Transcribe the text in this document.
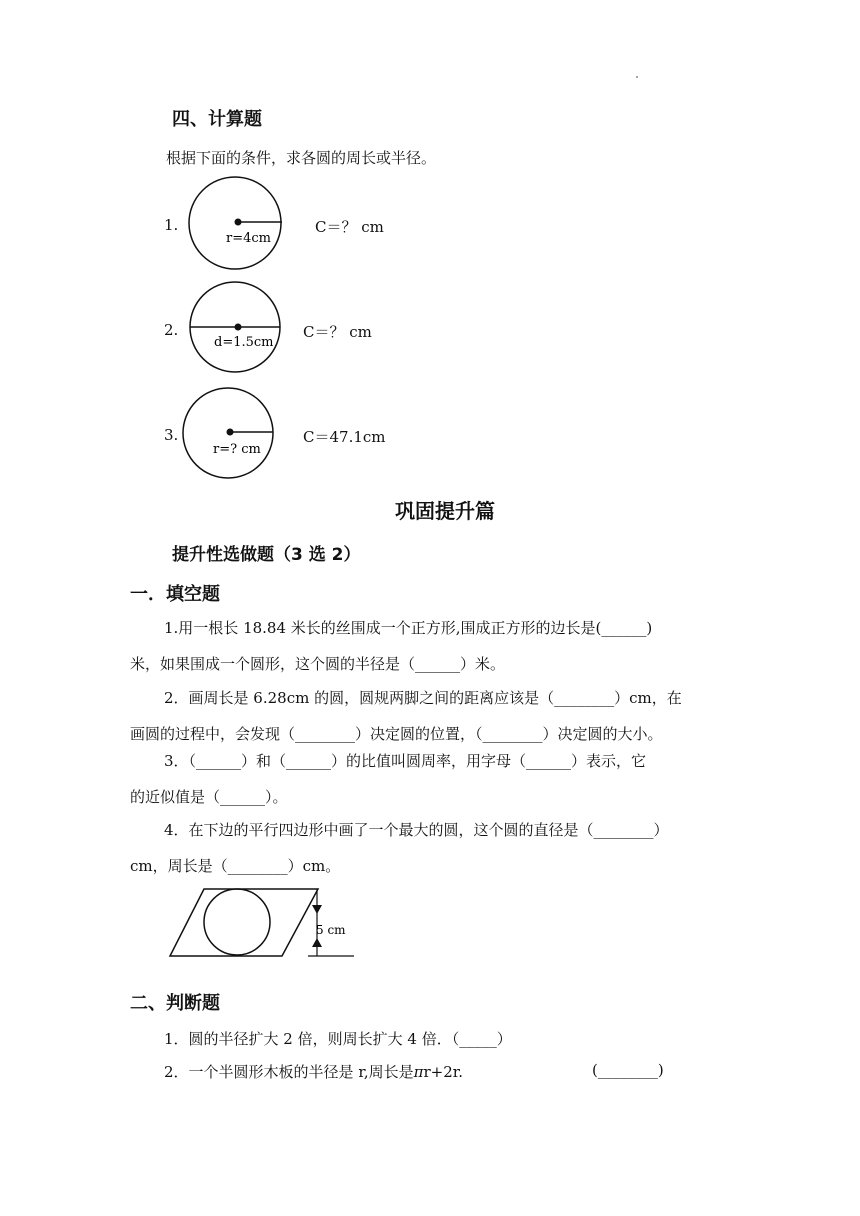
四、计算题
根据下面的条件，求各圆的周长或半径。
1.
r=4cm
C＝？ cm
2.
d=1.5cm
C＝？ cm
3.
r=? cm
C＝47.1cm
巩固提升篇
提升性选做题（3 选 2）
一．填空题
1.用一根长 18.84 米长的丝围成一个正方形,围成正方形的边长是(______)
米，如果围成一个圆形，这个圆的半径是（______）米。
2．画周长是 6.28cm 的圆，圆规两脚之间的距离应该是（________）cm，在
画圆的过程中，会发现（________）决定圆的位置，（________）决定圆的大小。
3．（______）和（______）的比值叫圆周率，用字母（______）表示，它
的近似值是（______）。
4．在下边的平行四边形中画了一个最大的圆，这个圆的直径是（________）
cm，周长是（________）cm。
5 cm
二、判断题
1．圆的半径扩大 2 倍，则周长扩大 4 倍．（_____）
2．一个半圆形木板的半径是 r,周长是πr+2r.	(________)
